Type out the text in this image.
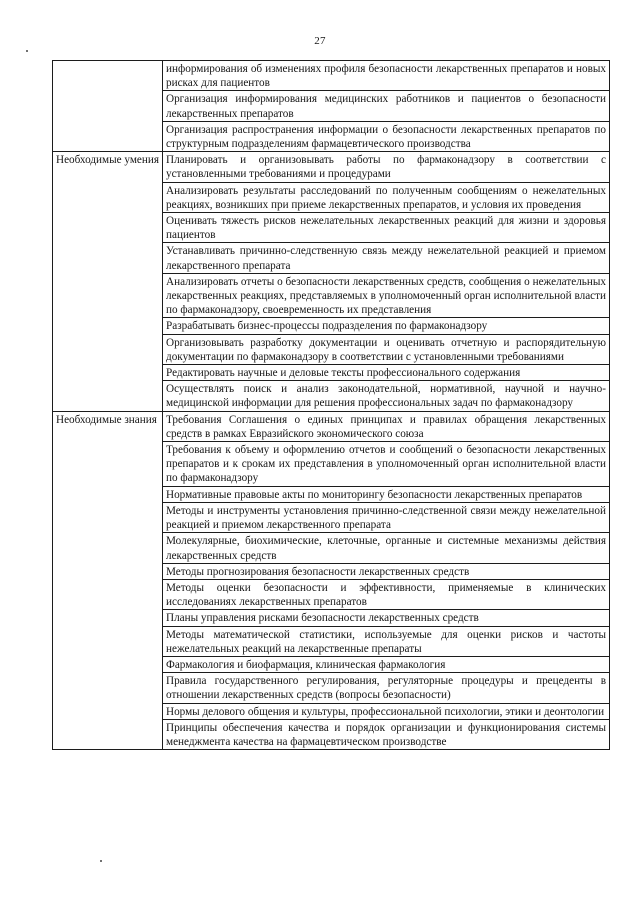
27
	информирования об изменениях профиля безопасности лекарственных препаратов и новых рисках для пациентов
	Организация информирования медицинских работников и пациентов о безопасности лекарственных препаратов
	Организация распространения информации о безопасности лекарственных препаратов по структурным подразделениям фармацевтического производства
Необходимые умения	Планировать и организовывать работы по фармаконадзору в соответствии с установленными требованиями и процедурами
	Анализировать результаты расследований по полученным сообщениям о нежелательных реакциях, возникших при приеме лекарственных препаратов, и условия их проведения
	Оценивать тяжесть рисков нежелательных лекарственных реакций для жизни и здоровья пациентов
	Устанавливать причинно-следственную связь между нежелательной реакцией и приемом лекарственного препарата
	Анализировать отчеты о безопасности лекарственных средств, сообщения о нежелательных лекарственных реакциях, представляемых в уполномоченный орган исполнительной власти по фармаконадзору, своевременность их представления
	Разрабатывать бизнес-процессы подразделения по фармаконадзору
	Организовывать разработку документации и оценивать отчетную и распорядительную документации по фармаконадзору в соответствии с установленными требованиями
	Редактировать научные и деловые тексты профессионального содержания
	Осуществлять поиск и анализ законодательной, нормативной, научной и научно-медицинской информации для решения профессиональных задач по фармаконадзору
Необходимые знания	Требования Соглашения о единых принципах и правилах обращения лекарственных средств в рамках Евразийского экономического союза
	Требования к объему и оформлению отчетов и сообщений о безопасности лекарственных препаратов и к срокам их представления в уполномоченный орган исполнительной власти по фармаконадзору
	Нормативные правовые акты по мониторингу безопасности лекарственных препаратов
	Методы и инструменты установления причинно-следственной связи между нежелательной реакцией и приемом лекарственного препарата
	Молекулярные, биохимические, клеточные, органные и системные механизмы действия лекарственных средств
	Методы прогнозирования безопасности лекарственных средств
	Методы оценки безопасности и эффективности, применяемые в клинических исследованиях лекарственных препаратов
	Планы управления рисками безопасности лекарственных средств
	Методы математической статистики, используемые для оценки рисков и частоты нежелательных реакций на лекарственные препараты
	Фармакология и биофармация, клиническая фармакология
	Правила государственного регулирования, регуляторные процедуры и прецеденты в отношении лекарственных средств (вопросы безопасности)
	Нормы делового общения и культуры, профессиональной психологии, этики и деонтологии
	Принципы обеспечения качества и порядок организации и функционирования системы менеджмента качества на фармацевтическом производстве
